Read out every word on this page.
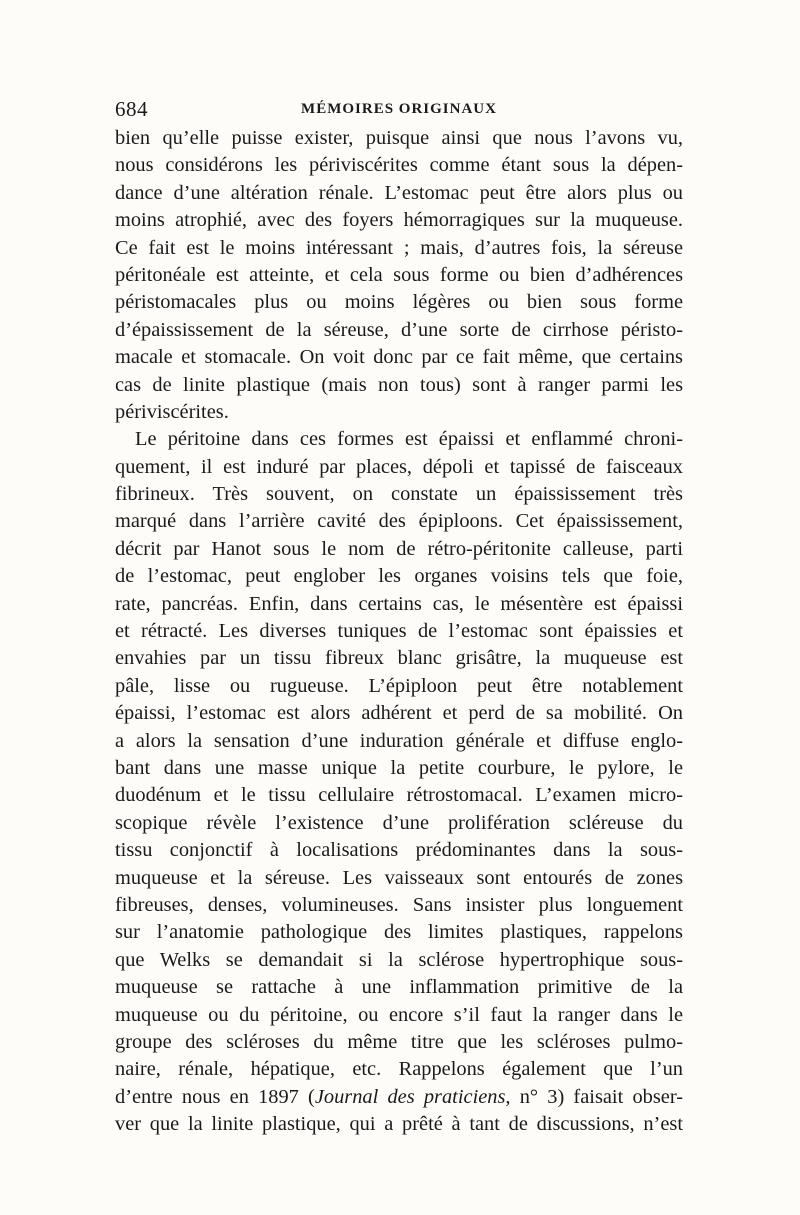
684	MÉMOIRES ORIGINAUX
bien qu’elle puisse exister, puisque ainsi que nous l’avons vu,
nous considérons les périviscérites comme étant sous la dépen-
dance d’une altération rénale. L’estomac peut être alors plus ou
moins atrophié, avec des foyers hémorragiques sur la muqueuse.
Ce fait est le moins intéressant ; mais, d’autres fois, la séreuse
péritonéale est atteinte, et cela sous forme ou bien d’adhérences
péristomacales plus ou moins légères ou bien sous forme
d’épaississement de la séreuse, d’une sorte de cirrhose péristo-
macale et stomacale. On voit donc par ce fait même, que certains
cas de linite plastique (mais non tous) sont à ranger parmi les
périviscérites.
Le péritoine dans ces formes est épaissi et enflammé chroni-
quement, il est induré par places, dépoli et tapissé de faisceaux
fibrineux. Très souvent, on constate un épaississement très
marqué dans l’arrière cavité des épiploons. Cet épaississement,
décrit par Hanot sous le nom de rétro-péritonite calleuse, parti
de l’estomac, peut englober les organes voisins tels que foie,
rate, pancréas. Enfin, dans certains cas, le mésentère est épaissi
et rétracté. Les diverses tuniques de l’estomac sont épaissies et
envahies par un tissu fibreux blanc grisâtre, la muqueuse est
pâle, lisse ou rugueuse. L’épiploon peut être notablement
épaissi, l’estomac est alors adhérent et perd de sa mobilité. On
a alors la sensation d’une induration générale et diffuse englo-
bant dans une masse unique la petite courbure, le pylore, le
duodénum et le tissu cellulaire rétrostomacal. L’examen micro-
scopique révèle l’existence d’une prolifération scléreuse du
tissu conjonctif à localisations prédominantes dans la sous-
muqueuse et la séreuse. Les vaisseaux sont entourés de zones
fibreuses, denses, volumineuses. Sans insister plus longuement
sur l’anatomie pathologique des limites plastiques, rappelons
que Welks se demandait si la sclérose hypertrophique sous-
muqueuse se rattache à une inflammation primitive de la
muqueuse ou du péritoine, ou encore s’il faut la ranger dans le
groupe des scléroses du même titre que les scléroses pulmo-
naire, rénale, hépatique, etc. Rappelons également que l’un
d’entre nous en 1897 (Journal des praticiens, n° 3) faisait obser-
ver que la linite plastique, qui a prêté à tant de discussions, n’est
